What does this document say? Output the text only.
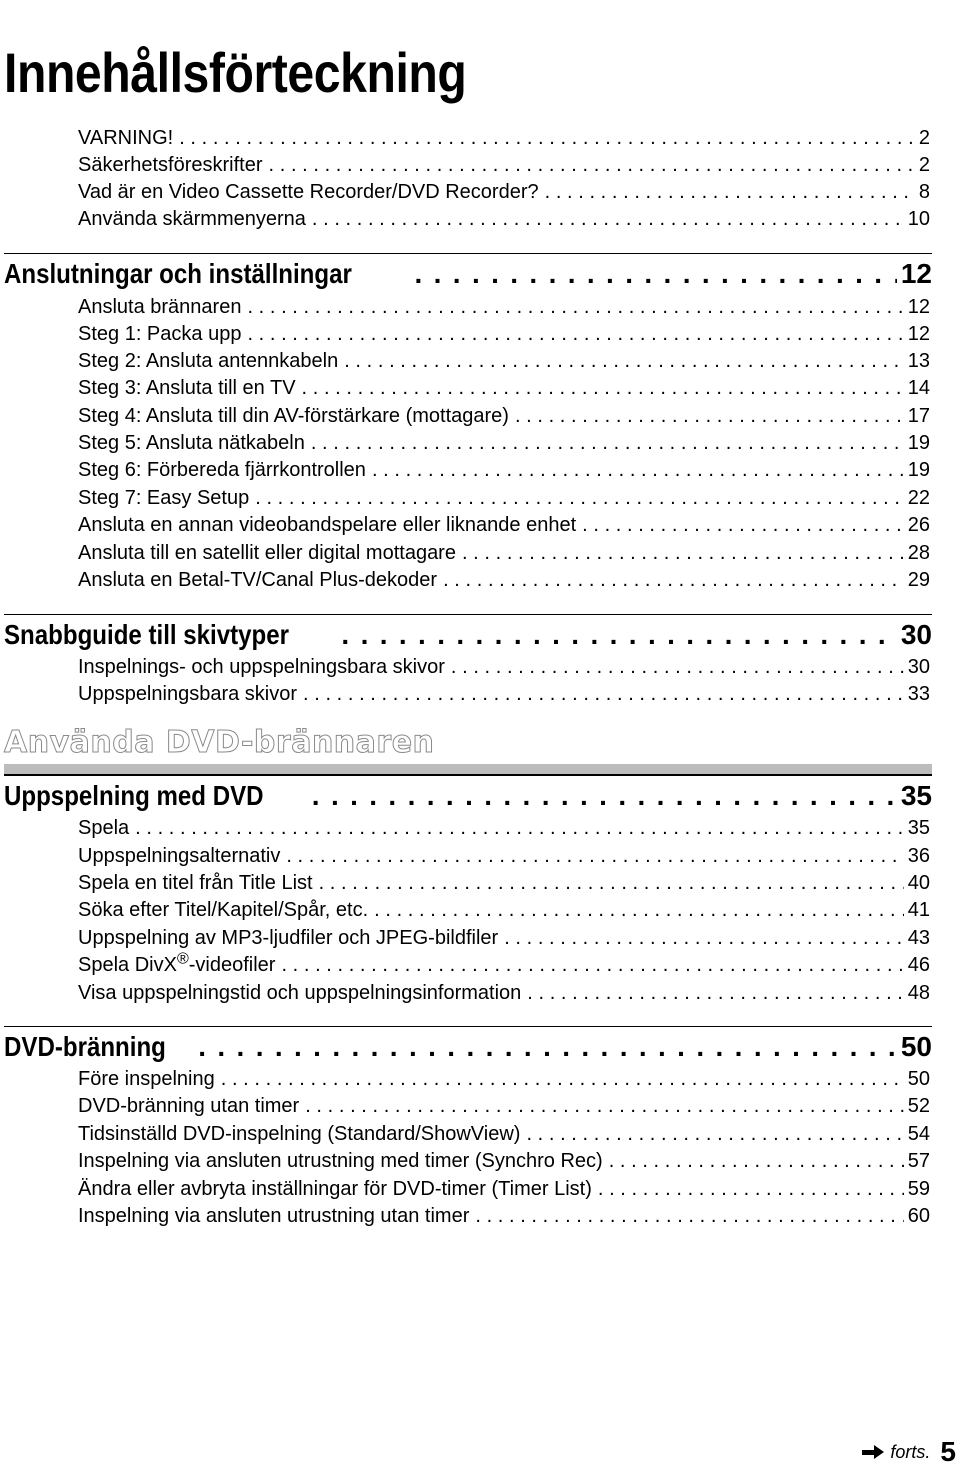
Innehållsförteckning
VARNING! . . .	2
Säkerhetsföreskrifter . . .	2
Vad är en Video Cassette Recorder/DVD Recorder? . . .	8
Använda skärmmenyerna . . .	10
Anslutningar och inställningar . . .	12
Ansluta brännaren . . .	12
Steg 1: Packa upp . . .	12
Steg 2: Ansluta antennkabeln . . .	13
Steg 3: Ansluta till en TV . . .	14
Steg 4: Ansluta till din AV-förstärkare (mottagare) . . .	17
Steg 5: Ansluta nätkabeln . . .	19
Steg 6: Förbereda fjärrkontrollen . . .	19
Steg 7: Easy Setup . . .	22
Ansluta en annan videobandspelare eller liknande enhet . . .	26
Ansluta till en satellit eller digital mottagare . . .	28
Ansluta en Betal-TV/Canal Plus-dekoder . . .	29
Snabbguide till skivtyper . . .	30
Inspelnings- och uppspelningsbara skivor . . .	30
Uppspelningsbara skivor . . .	33
Använda DVD-brännaren
Uppspelning med DVD . . .	35
Spela . . .	35
Uppspelningsalternativ . . .	36
Spela en titel från Title List . . .	40
Söka efter Titel/Kapitel/Spår, etc. . . .	41
Uppspelning av MP3-ljudfiler och JPEG-bildfiler . . .	43
Spela DivX®-videofiler . . .	46
Visa uppspelningstid och uppspelningsinformation . . .	48
DVD-bränning . . .	50
Före inspelning . . .	50
DVD-bränning utan timer . . .	52
Tidsinställd DVD-inspelning (Standard/ShowView) . . .	54
Inspelning via ansluten utrustning med timer (Synchro Rec) . . .	57
Ändra eller avbryta inställningar för DVD-timer (Timer List) . . .	59
Inspelning via ansluten utrustning utan timer . . .	60
forts. 5
